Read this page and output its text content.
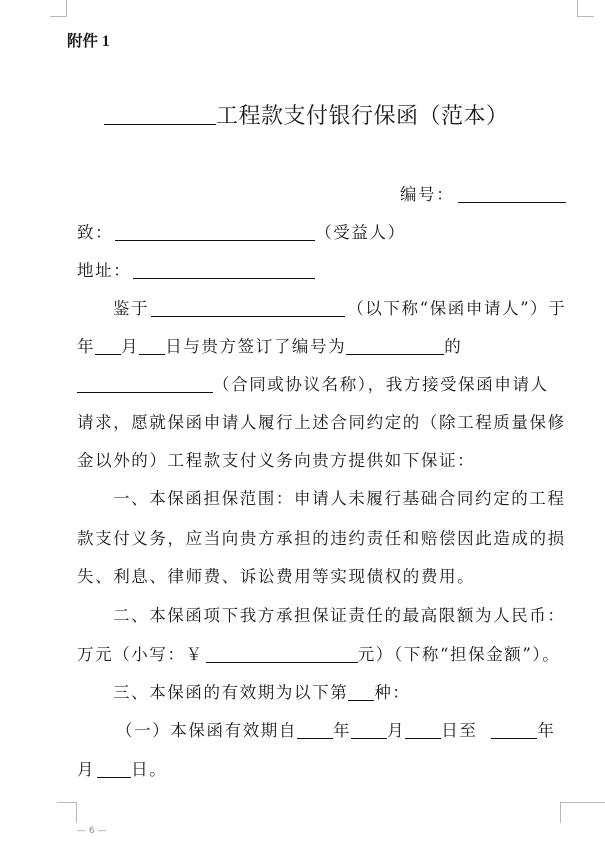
附件 1
工程款支付银行保函（范本）
编号：
致：	（受益人）
地址：
鉴于	（以下称“保函申请人”）于
年 月 日与贵方签订了编号为	的
（合同或协议名称），我方接受保函申请人
请求，愿就保函申请人履行上述合同约定的（除工程质量保修
金以外的）工程款支付义务向贵方提供如下保证：
一、本保函担保范围：申请人未履行基础合同约定的工程
款支付义务，应当向贵方承担的违约责任和赔偿因此造成的损
失、利息、律师费、诉讼费用等实现债权的费用。
二、本保函项下我方承担保证责任的最高限额为人民币：
万元（小写：￥	元）（下称“担保金额”）。
三、本保函的有效期为以下第 种：
（一）本保函有效期自 年 月 日至	年
月 日。
— 6 —
